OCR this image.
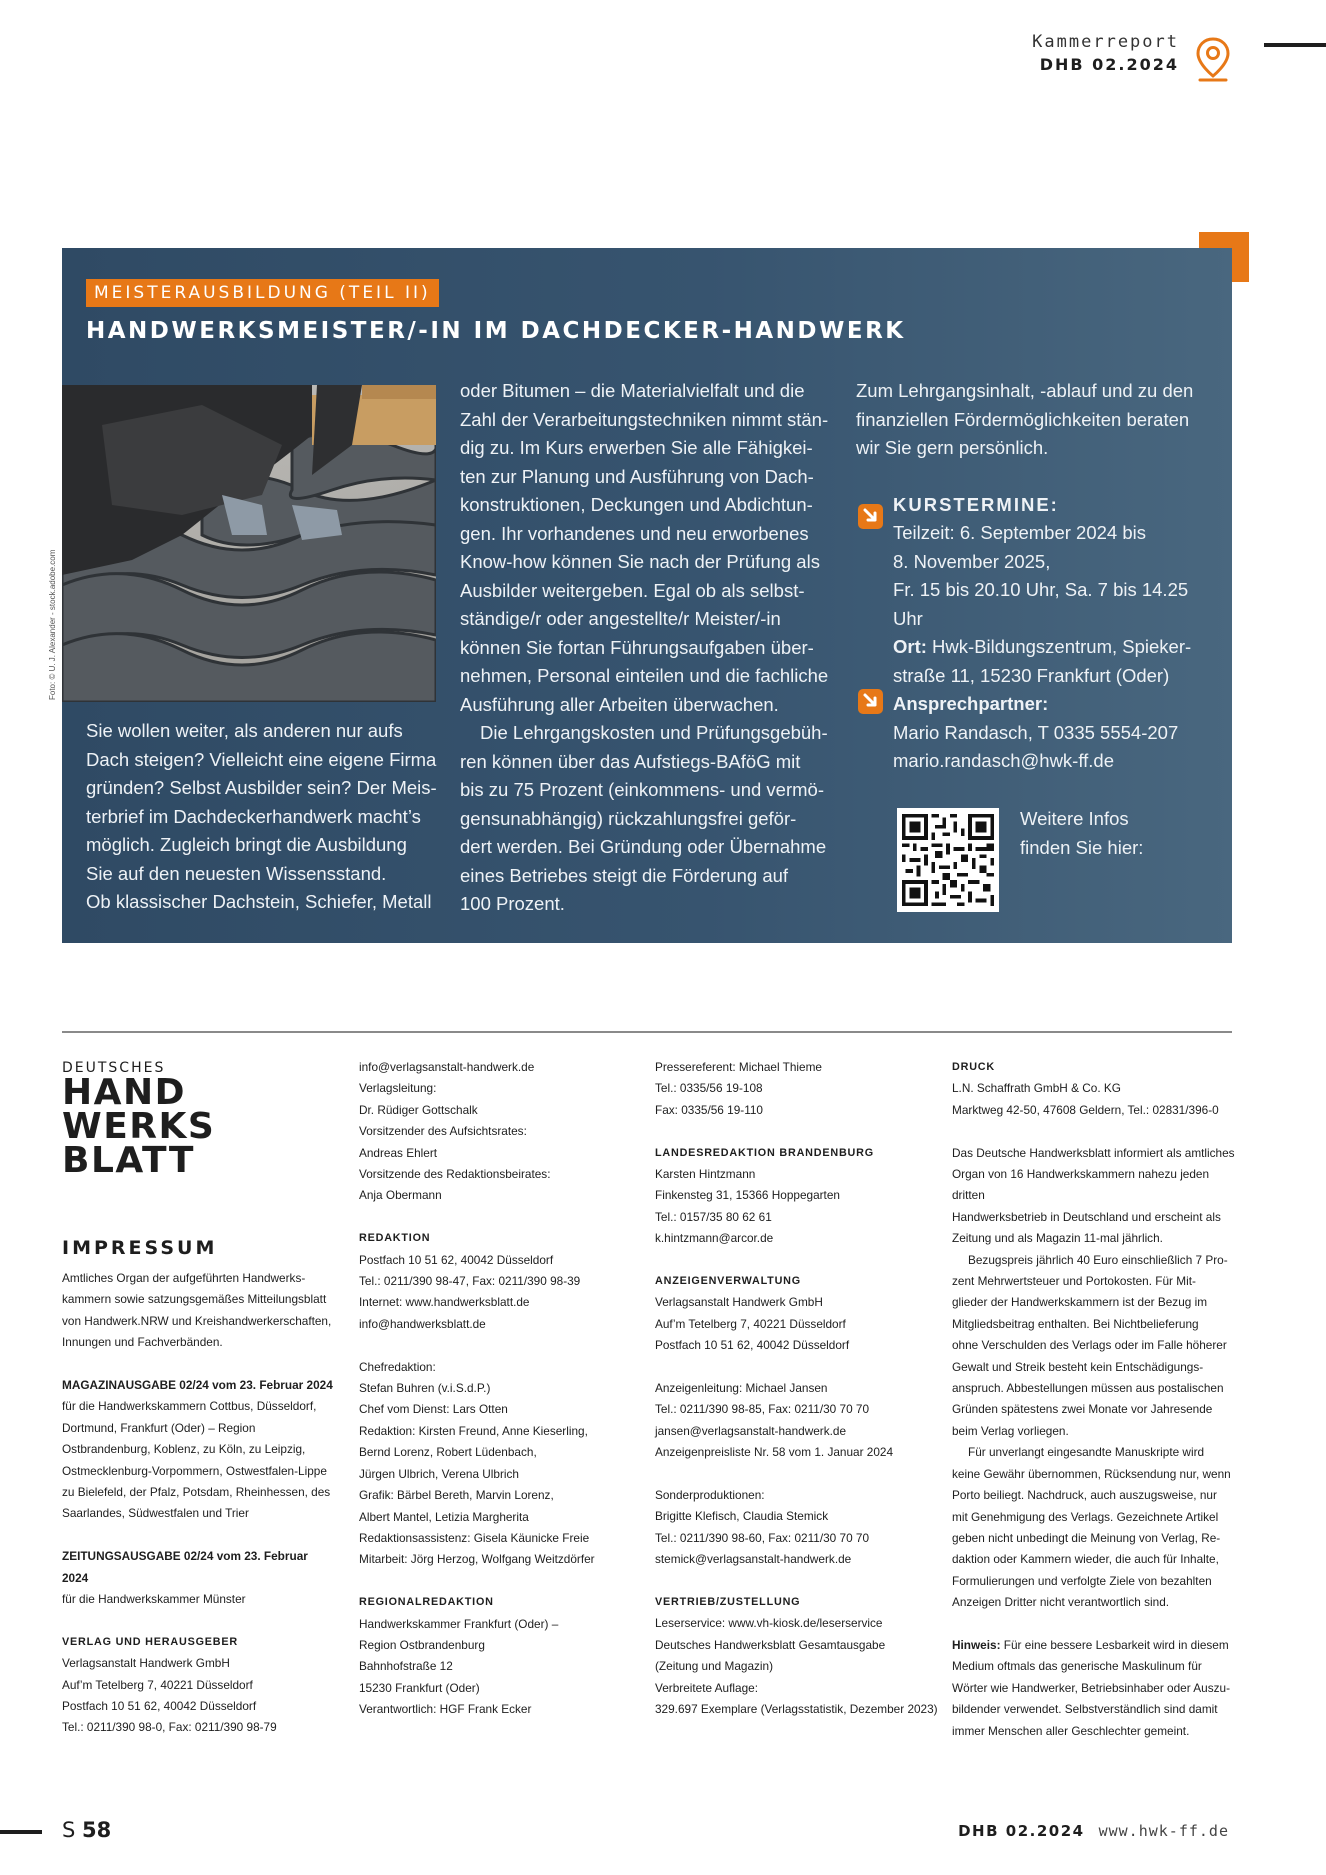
Kammerreport
DHB 02.2024
MEISTERAUSBILDUNG (TEIL II)
HANDWERKSMEISTER/-IN IM DACHDECKER-HANDWERK
Foto: © U. J. Alexander - stock.adobe.com

Sie wollen weiter, als anderen nur aufs

Dach steigen? Vielleicht eine eigene Firma

gründen? Selbst Ausbilder sein? Der Meis-

terbrief im Dachdeckerhandwerk macht’s

möglich. Zugleich bringt die Ausbildung

Sie auf den neuesten Wissensstand.

Ob klassischer Dachstein, Schiefer, Metall

oder Bitumen – die Materialvielfalt und die

Zahl der Verarbeitungstechniken nimmt stän-

dig zu. Im Kurs erwerben Sie alle Fähigkei-

ten zur Planung und Ausführung von Dach-

konstruktionen, Deckungen und Abdichtun-

gen. Ihr vorhandenes und neu erworbenes

Know-how können Sie nach der Prüfung als

Ausbilder weitergeben. Egal ob als selbst-

ständige/r oder angestellte/r Meister/-in

können Sie fortan Führungsaufgaben über-

nehmen, Personal einteilen und die fachliche

Ausführung aller Arbeiten überwachen.

Die Lehrgangskosten und Prüfungsgebüh-

ren können über das Aufstiegs-BAföG mit

bis zu 75 Prozent (einkommens- und vermö-

gensunabhängig) rückzahlungsfrei geför-

dert werden. Bei Gründung oder Übernahme

eines Betriebes steigt die Förderung auf

100 Prozent.

Zum Lehrgangsinhalt, -ablauf und zu den

finanziellen Fördermöglichkeiten beraten

wir Sie gern persönlich.

KURSTERMINE:

Teilzeit: 6. September 2024 bis

8. November 2025,

Fr. 15 bis 20.10 Uhr, Sa. 7 bis 14.25 Uhr

Ort: Hwk-Bildungszentrum, Spieker-

straße 11, 15230 Frankfurt (Oder)

Ansprechpartner:

Mario Randasch, T 0335 5554-207

mario.randasch@hwk-ff.de

Weitere Infos
finden Sie hier:
DEUTSCHES
HAND
WERKS
BLATT
IMPRESSUM
Amtliches Organ der aufgeführten Handwerks-
kammern sowie satzungsgemäßes Mitteilungsblatt
von Handwerk.NRW und Kreishandwerkerschaften,
Innungen und Fachverbänden.
MAGAZINAUSGABE 02/24 vom 23. Februar 2024
für die Handwerkskammern Cottbus, Düsseldorf,
Dortmund, Frankfurt (Oder) – Region
Ostbrandenburg, Koblenz, zu Köln, zu Leipzig,
Ostmecklenburg-Vorpommern, Ostwestfalen-Lippe
zu Bielefeld, der Pfalz, Potsdam, Rheinhessen, des
Saarlandes, Südwestfalen und Trier
ZEITUNGSAUSGABE 02/24 vom 23. Februar 2024
für die Handwerkskammer Münster
VERLAG UND HERAUSGEBER
Verlagsanstalt Handwerk GmbH
Auf’m Tetelberg 7, 40221 Düsseldorf
Postfach 10 51 62, 40042 Düsseldorf
Tel.: 0211/390 98-0, Fax: 0211/390 98-79
info@verlagsanstalt-handwerk.de
Verlagsleitung:
Dr. Rüdiger Gottschalk
Vorsitzender des Aufsichtsrates:
Andreas Ehlert
Vorsitzende des Redaktionsbeirates:
Anja Obermann
REDAKTION
Postfach 10 51 62, 40042 Düsseldorf
Tel.: 0211/390 98-47, Fax: 0211/390 98-39
Internet: www.handwerksblatt.de
info@handwerksblatt.de
Chefredaktion:
Stefan Buhren (v.i.S.d.P.)
Chef vom Dienst: Lars Otten
Redaktion: Kirsten Freund, Anne Kieserling,
Bernd Lorenz, Robert Lüdenbach,
Jürgen Ulbrich, Verena Ulbrich
Grafik: Bärbel Bereth, Marvin Lorenz,
Albert Mantel, Letizia Margherita
Redaktionsassistenz: Gisela Käunicke Freie
Mitarbeit: Jörg Herzog, Wolfgang Weitzdörfer
REGIONALREDAKTION
Handwerkskammer Frankfurt (Oder) –
Region Ostbrandenburg
Bahnhofstraße 12
15230 Frankfurt (Oder)
Verantwortlich: HGF Frank Ecker
Pressereferent: Michael Thieme
Tel.: 0335/56 19-108
Fax: 0335/56 19-110
LANDESREDAKTION BRANDENBURG
Karsten Hintzmann
Finkensteg 31, 15366 Hoppegarten
Tel.: 0157/35 80 62 61
k.hintzmann@arcor.de
ANZEIGENVERWALTUNG
Verlagsanstalt Handwerk GmbH
Auf’m Tetelberg 7, 40221 Düsseldorf
Postfach 10 51 62, 40042 Düsseldorf
Anzeigenleitung: Michael Jansen
Tel.: 0211/390 98-85, Fax: 0211/30 70 70
jansen@verlagsanstalt-handwerk.de
Anzeigenpreisliste Nr. 58 vom 1. Januar 2024
Sonderproduktionen:
Brigitte Klefisch, Claudia Stemick
Tel.: 0211/390 98-60, Fax: 0211/30 70 70
stemick@verlagsanstalt-handwerk.de
VERTRIEB/ZUSTELLUNG
Leserservice: www.vh-kiosk.de/leserservice
Deutsches Handwerksblatt Gesamtausgabe
(Zeitung und Magazin)
Verbreitete Auflage:
329.697 Exemplare (Verlagsstatistik, Dezember 2023)
DRUCK
L.N. Schaffrath GmbH & Co. KG
Marktweg 42-50, 47608 Geldern, Tel.: 02831/396-0
Das Deutsche Handwerksblatt informiert als amtliches
Organ von 16 Handwerkskammern nahezu jeden dritten
Handwerksbetrieb in Deutschland und erscheint als
Zeitung und als Magazin 11-mal jährlich.
Bezugspreis jährlich 40 Euro einschließlich 7 Pro-
zent Mehrwertsteuer und Portokosten. Für Mit-
glieder der Handwerkskammern ist der Bezug im
Mitgliedsbeitrag enthalten. Bei Nichtbelieferung
ohne Verschulden des Verlags oder im Falle höherer
Gewalt und Streik besteht kein Entschädigungs-
anspruch. Abbestellungen müssen aus postalischen
Gründen spätestens zwei Monate vor Jahresende
beim Verlag vorliegen.
Für unverlangt eingesandte Manuskripte wird
keine Gewähr übernommen, Rücksendung nur, wenn
Porto beiliegt. Nachdruck, auch auszugsweise, nur
mit Genehmigung des Verlags. Gezeichnete Artikel
geben nicht unbedingt die Meinung von Verlag, Re-
daktion oder Kammern wieder, die auch für Inhalte,
Formulierungen und verfolgte Ziele von bezahlten
Anzeigen Dritter nicht verantwortlich sind.
Hinweis: Für eine bessere Lesbarkeit wird in diesem
Medium oftmals das generische Maskulinum für
Wörter wie Handwerker, Betriebsinhaber oder Auszu-
bildender verwendet. Selbstverständlich sind damit
immer Menschen aller Geschlechter gemeint.
S 58	DHB 02.2024 www.hwk-ff.de
